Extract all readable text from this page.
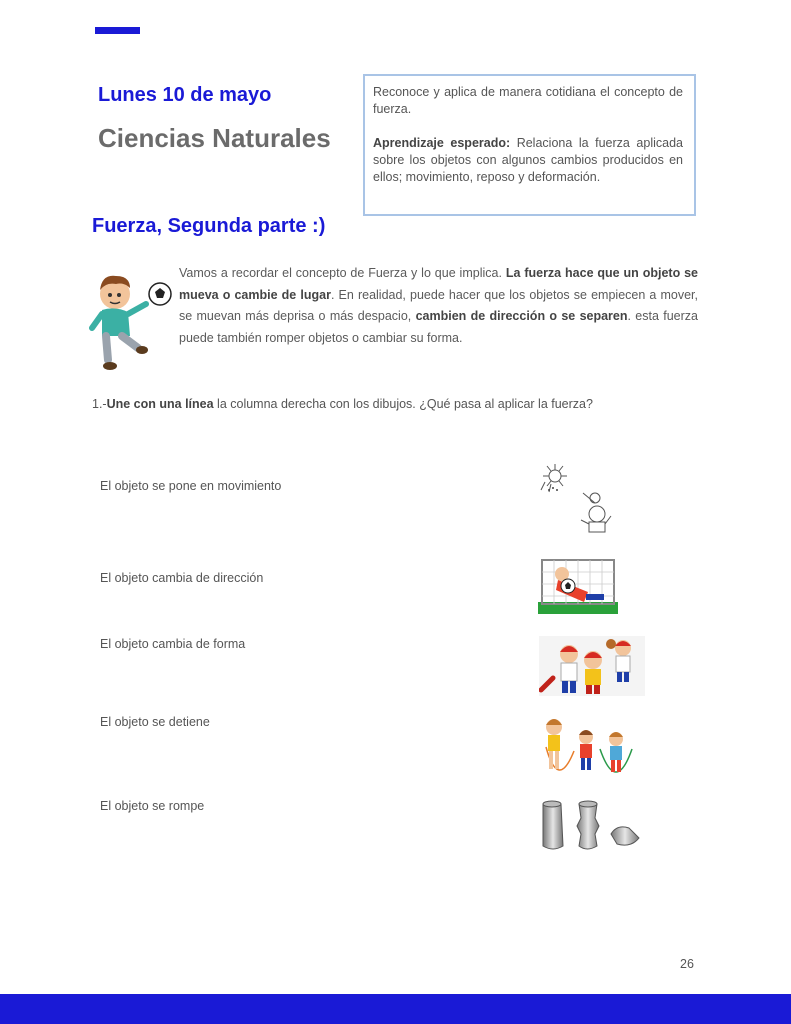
Lunes 10 de mayo
Ciencias Naturales

Reconoce y aplica de manera cotidiana el concepto de fuerza.

Aprendizaje esperado: Relaciona la fuerza aplicada sobre los objetos con algunos cambios producidos en ellos; movimiento, reposo y deformación.

Fuerza, Segunda parte :)

Vamos a recordar el concepto de Fuerza y lo que implica. La fuerza hace que un objeto se mueva o cambie de lugar. En realidad, puede hacer que los objetos se empiecen a mover, se muevan más deprisa o más despacio, cambien de dirección o se separen. esta fuerza puede también romper objetos o cambiar su forma.

1.-Une con una línea la columna derecha con los dibujos. ¿Qué pasa al aplicar la fuerza?

El objeto se pone en movimiento

El objeto cambia de dirección

El objeto cambia de forma

El objeto se detiene

El objeto se rompe

26
